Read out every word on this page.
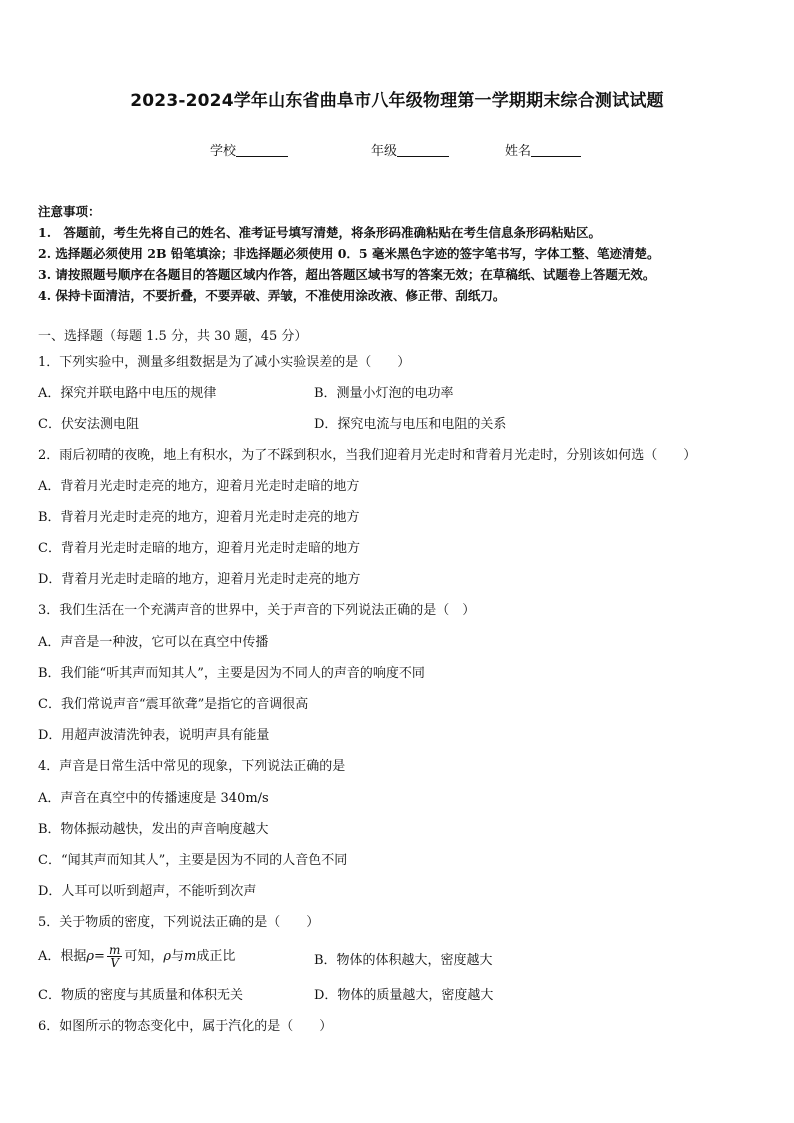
2023-2024学年山东省曲阜市八年级物理第一学期期末综合测试试题
学校	年级	姓名
注意事项：
1.　答题前，考生先将自己的姓名、准考证号填写清楚，将条形码准确粘贴在考生信息条形码粘贴区。
2. 选择题必须使用 2B 铅笔填涂；非选择题必须使用 0．5 毫米黑色字迹的签字笔书写，字体工整、笔迹清楚。
3. 请按照题号顺序在各题目的答题区域内作答，超出答题区域书写的答案无效；在草稿纸、试题卷上答题无效。
4. 保持卡面清洁，不要折叠，不要弄破、弄皱，不准使用涂改液、修正带、刮纸刀。
一、选择题（每题 1.5 分，共 30 题，45 分）
1．下列实验中，测量多组数据是为了减小实验误差的是（　　）
A．探究并联电路中电压的规律	B．测量小灯泡的电功率
C．伏安法测电阻	D．探究电流与电压和电阻的关系
2．雨后初晴的夜晚，地上有积水，为了不踩到积水，当我们迎着月光走时和背着月光走时，分别该如何选（　　）
A．背着月光走时走亮的地方，迎着月光走时走暗的地方
B．背着月光走时走亮的地方，迎着月光走时走亮的地方
C．背着月光走时走暗的地方，迎着月光走时走暗的地方
D．背着月光走时走暗的地方，迎着月光走时走亮的地方
3．我们生活在一个充满声音的世界中，关于声音的下列说法正确的是（　）
A．声音是一种波，它可以在真空中传播
B．我们能“听其声而知其人”，主要是因为不同人的声音的响度不同
C．我们常说声音“震耳欲聋”是指它的音调很高
D．用超声波清洗钟表，说明声具有能量
4．声音是日常生活中常见的现象，下列说法正确的是
A．声音在真空中的传播速度是 340m/s
B．物体振动越快，发出的声音响度越大
C．“闻其声而知其人”，主要是因为不同的人音色不同
D．人耳可以听到超声，不能听到次声
5．关于物质的密度，下列说法正确的是（　　）
A．根据$\rho= \frac{m}{V}$ 可知，ρ与m成正比	B．物体的体积越大，密度越大
C．物质的密度与其质量和体积无关	D．物体的质量越大，密度越大
6．如图所示的物态变化中，属于汽化的是（　　）
